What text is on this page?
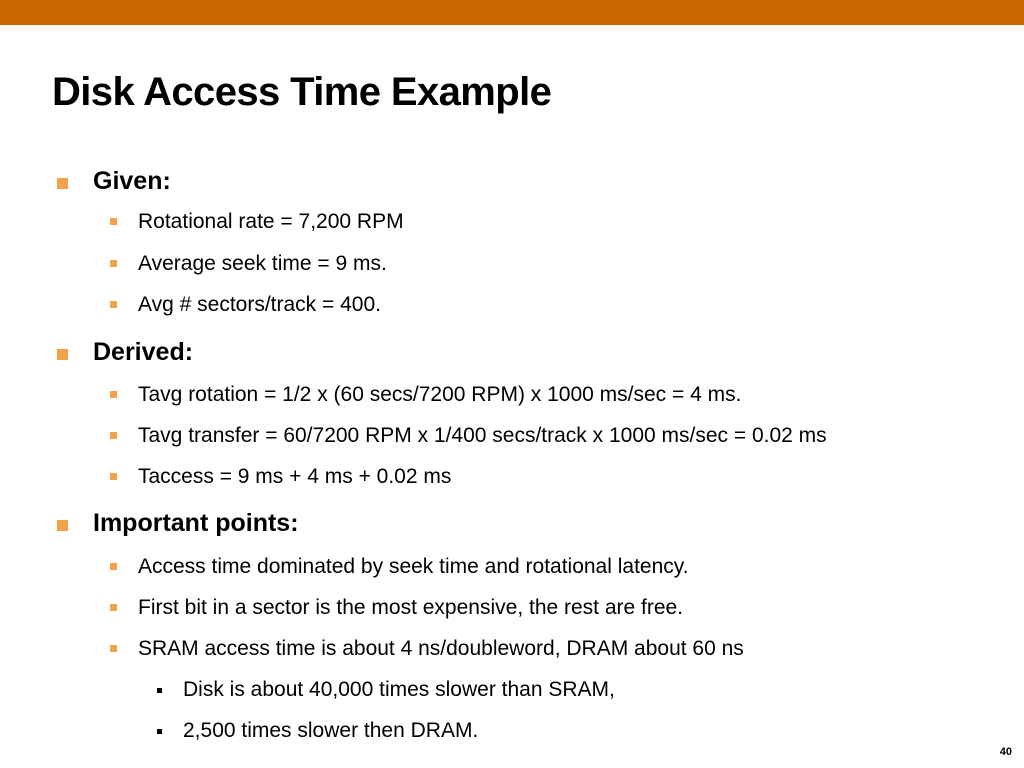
Disk Access Time Example
Given:
Rotational rate = 7,200 RPM
Average seek time = 9 ms.
Avg # sectors/track = 400.
Derived:
Tavg rotation = 1/2 x (60 secs/7200 RPM) x 1000 ms/sec = 4 ms.
Tavg transfer = 60/7200 RPM x 1/400 secs/track x 1000 ms/sec = 0.02 ms
Taccess = 9 ms + 4 ms + 0.02 ms
Important points:
Access time dominated by seek time and rotational latency.
First bit in a sector is the most expensive, the rest are free.
SRAM access time is about 4 ns/doubleword, DRAM about 60 ns
Disk is about 40,000 times slower than SRAM,
2,500 times slower then DRAM.
40
